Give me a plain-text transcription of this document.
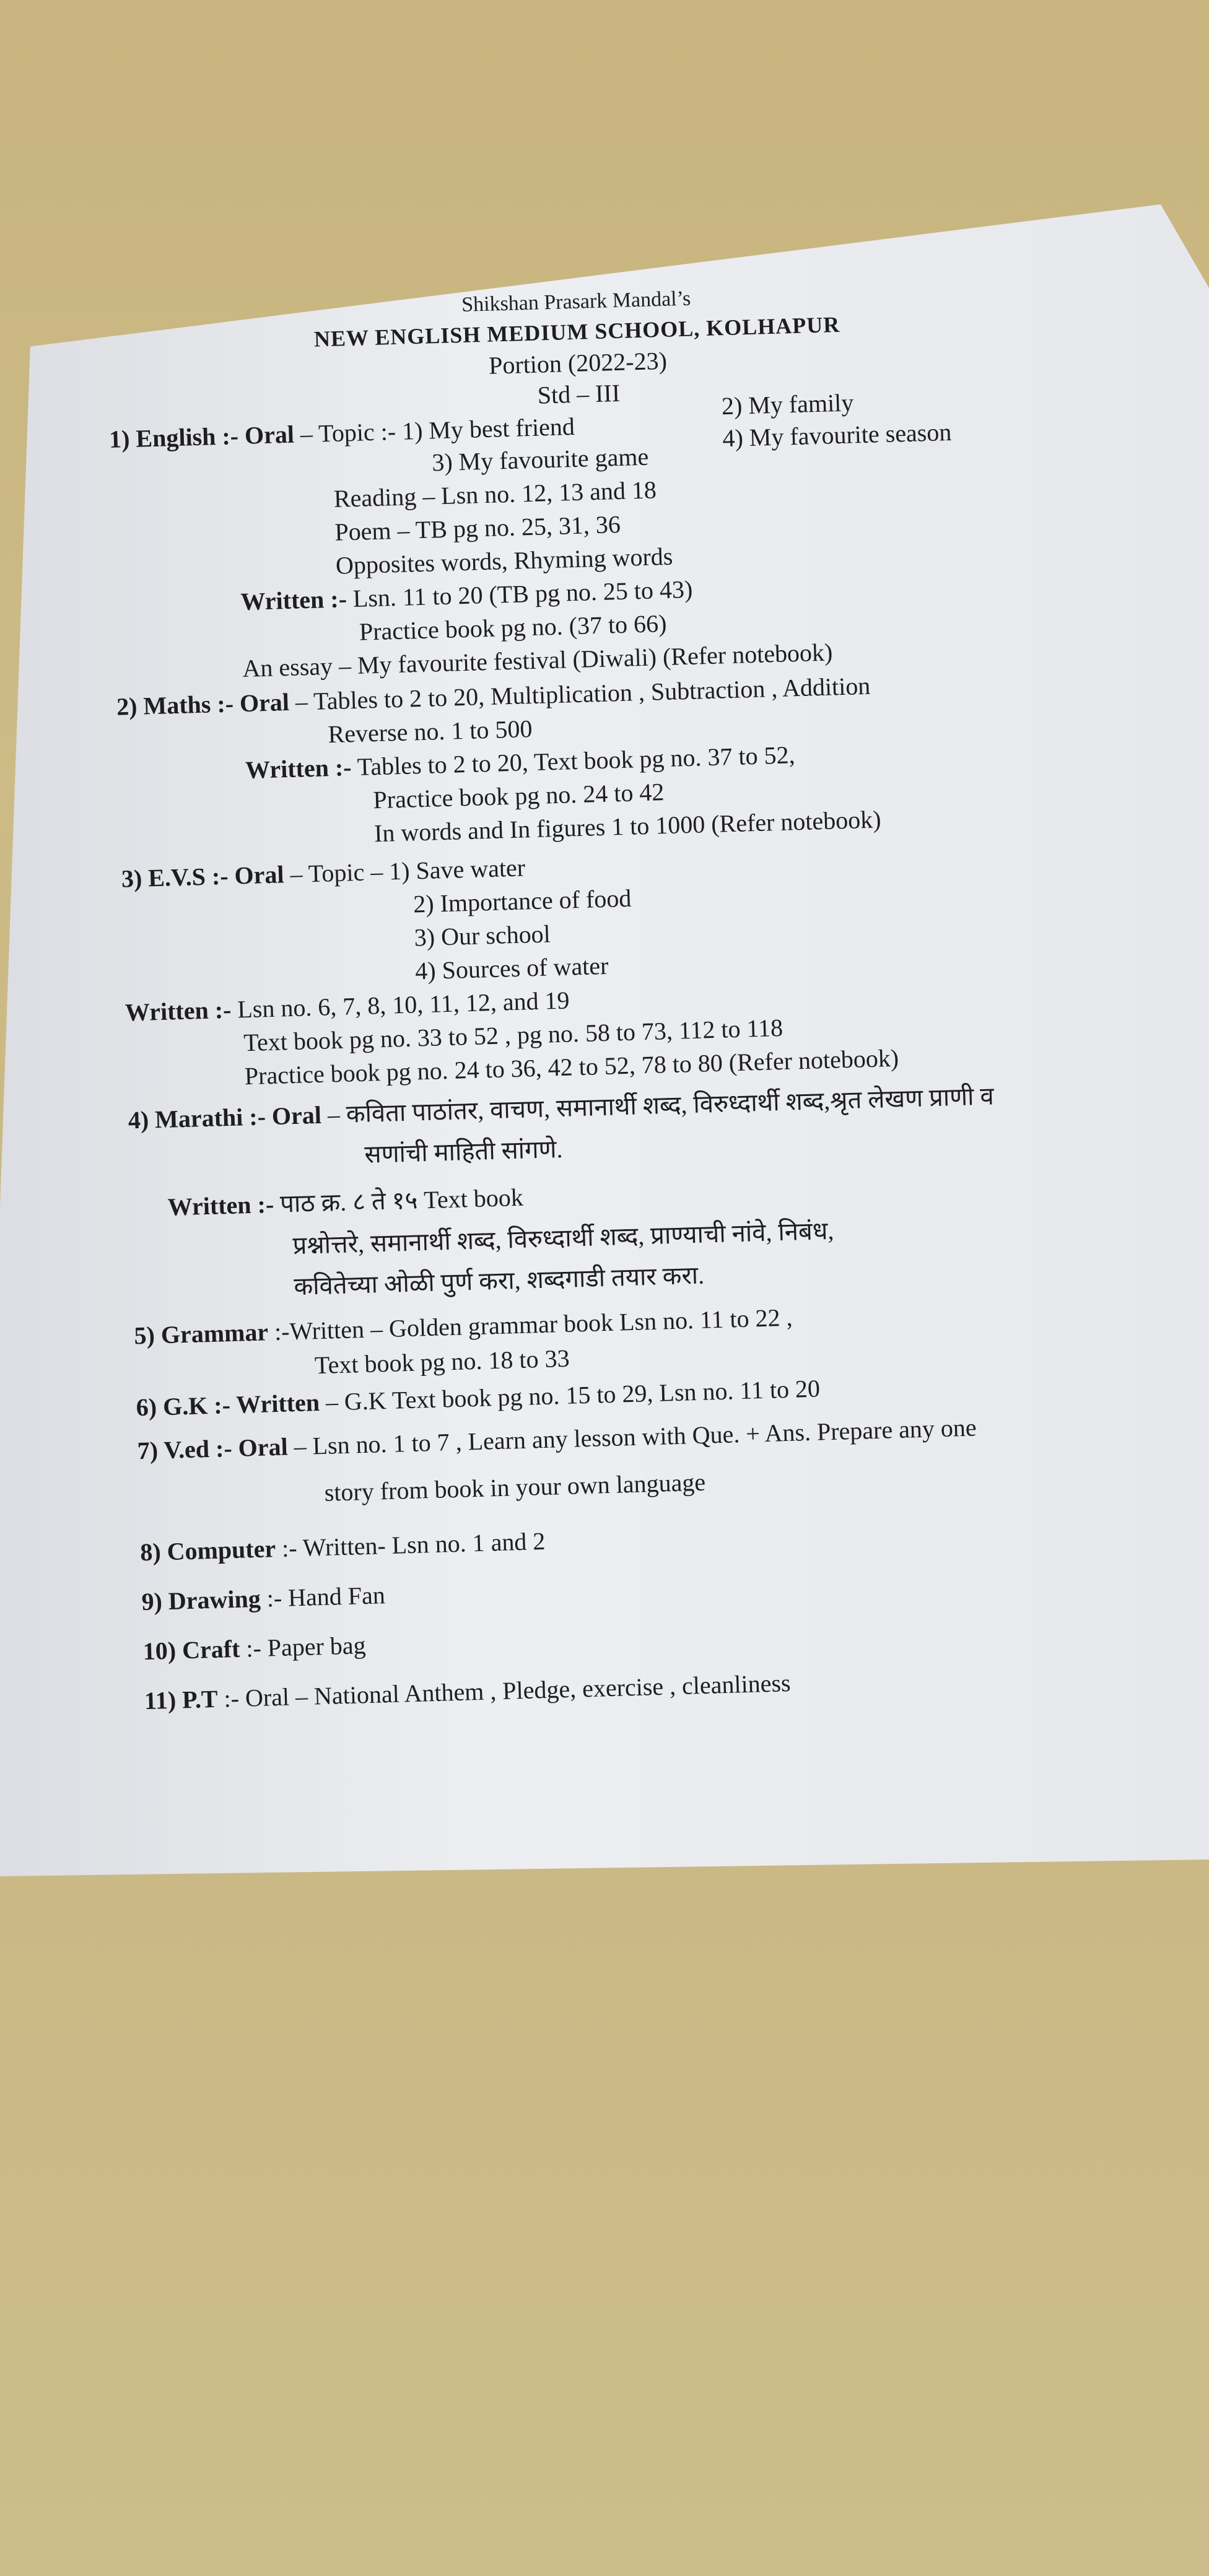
Shikshan Prasark Mandal’s
NEW ENGLISH MEDIUM SCHOOL, KOLHAPUR
Portion (2022-23)
Std – III
1) English :- Oral – Topic :- 1) My best friend
2) My family
3) My favourite game
4) My favourite season
Reading – Lsn no. 12, 13 and 18
Poem – TB pg no. 25, 31, 36
Opposites words, Rhyming words
Written :- Lsn. 11 to 20 (TB pg no. 25 to 43)
Practice book pg no. (37 to 66)
An essay – My favourite festival (Diwali) (Refer notebook)
2) Maths :- Oral – Tables to 2 to 20, Multiplication , Subtraction , Addition
Reverse no. 1 to 500
Written :- Tables to 2 to 20, Text book pg no. 37 to 52,
Practice book pg no. 24 to 42
In words and In figures 1 to 1000 (Refer notebook)
3) E.V.S :- Oral – Topic – 1) Save water
2) Importance of food
3) Our school
4) Sources of water
Written :- Lsn no. 6, 7, 8, 10, 11, 12, and 19
Text book pg no. 33 to 52 , pg no. 58 to 73, 112 to 118
Practice book pg no. 24 to 36, 42 to 52, 78 to 80 (Refer notebook)
4) Marathi :- Oral – कविता पाठांतर, वाचण, समानार्थी शब्द, विरुध्दार्थी शब्द,श्रृत लेखण प्राणी व
सणांची माहिती सांगणे.
Written :- पाठ क्र. ८ ते १५ Text book
प्रश्नोत्तरे, समानार्थी शब्द, विरुध्दार्थी शब्द, प्राण्याची नांवे, निबंध,
कवितेच्या ओळी पुर्ण करा, शब्दगाडी तयार करा.
5) Grammar :-Written – Golden grammar book Lsn no. 11 to 22 ,
Text book pg no. 18 to 33
6) G.K :- Written – G.K Text book pg no. 15 to 29, Lsn no. 11 to 20
7) V.ed :- Oral – Lsn no. 1 to 7 , Learn any lesson with Que. + Ans. Prepare any one
story from book in your own language
8) Computer :- Written- Lsn no. 1 and 2
9) Drawing :- Hand Fan
10) Craft :- Paper bag
11) P.T :- Oral – National Anthem , Pledge, exercise , cleanliness
